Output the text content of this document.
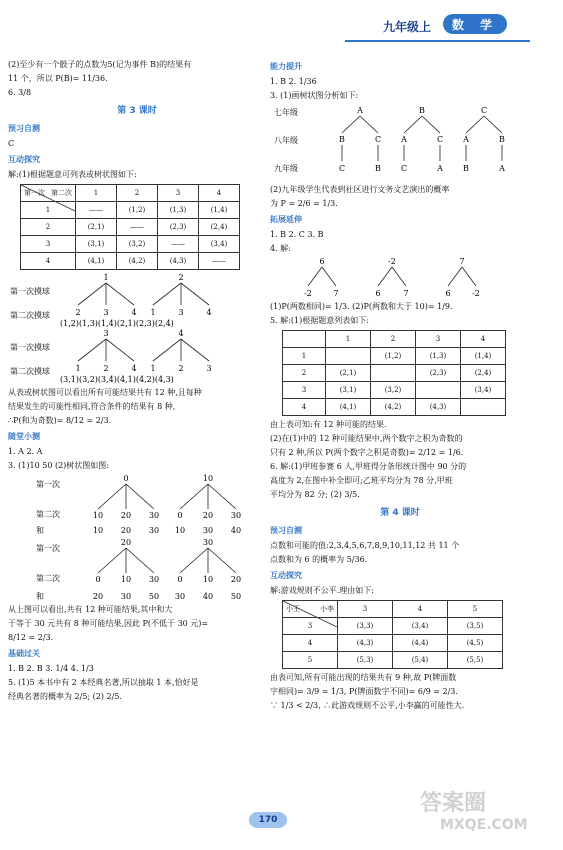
九年级上	数 学

(2)至少有一个骰子的点数为5(记为事件 B)的结果有

11 个，所以 P(B)= 11/36.

6. 3/8

第 3 课时
预习自测

C

互动探究

解:(1)根据题意可列表或树状图如下:

第二次
第一次	1	2	3	4
1	——	(1,2)	(1,3)	(1,4)
2	(2,1)	——	(2,3)	(2,4)
3	(3,1)	(3,2)	——	(3,4)
4	(4,1)	(4,2)	(4,3)	——
第一次摸球
第二次摸球
1	2
2	3	4 1	3	4
(1,2)(1,3)(1,4)(2,1)(2,3)(2,4)
第一次摸球
第二次摸球
3	4
1	2	4 1	2	3
(3,1)(3,2)(3,4)(4,1)(4,2)(4,3)

从表或树状图可以看出所有可能结果共有 12 种,且每种

结果发生的可能性相同,符合条件的结果有 8 种,

∴P(和为奇数)= 8/12 = 2/3.

随堂小测

1. A 2. A

3. (1)10 50 (2)树状图如图:

第一次
第二次
和
0	10
10 20 30 0	20 30
10 20 30 10 30 40
第一次
第二次
和
20	30
0	10 30 0	10 20
20 30 50 30 40 50

从上图可以看出,共有 12 种可能结果,其中和大

于等于 30 元共有 8 种可能结果,因此 P(不低于 30 元)=

8/12 = 2/3.

基础过关

1. B 2. B 3. 1/4 4. 1/3

5. (1)5 本书中有 2 本经典名著,所以抽取 1 本,恰好是

经典名著的概率为 2/5; (2) 2/5.

能力提升

1. B 2. 1/36

3. (1)画树状图分析如下:

七年级
八年级
九年级
A	B	C
B	C	A	C	A	B
C	B C	A	B	A

(2)九年级学生代表到社区进行文务文艺演出的概率

为 P = 2/6 = 1/3.

拓展延伸

1. B 2. C 3. B

4. 解:

6	-2	7
-2	7	6	7	6	-2

(1)P(两数相同)= 1/3. (2)P(两数和大于 10)= 1/9.

5. 解:(1)根据题意列表如下:

	1	2	3	4
1		(1,2)	(1,3)	(1,4)
2	(2,1)		(2,3)	(2,4)
3	(3,1)	(3,2)		(3,4)
4	(4,1)	(4,2)	(4,3)	

由上表可知:有 12 种可能的结果.

(2)在(1)中的 12 种可能结果中,两个数字之积为奇数的

只有 2 种,所以 P(两个数字之积是奇数)= 2/12 = 1/6.

6. 解:(1)甲班参赛 6 人,甲班得分条形统计图中 90 分的

高度为 2,在图中补全即可;乙班平均分为 78 分,甲班

平均分为 82 分; (2) 3/5.

第 4 课时
预习自测

点数和可能的值:2,3,4,5,6,7,8,9,10,11,12 共 11 个

点数和为 6 的概率为 5/36.

互动探究

解:游戏规则不公平.理由如下:

小李
小王	3	4	5
3	(3,3)	(3,4)	(3,5)
4	(4,3)	(4,4)	(4,5)
5	(5,3)	(5,4)	(5,5)

由表可知,所有可能出现的结果共有 9 种,故 P(牌面数

字相同)= 3/9 = 1/3, P(牌面数字不同)= 6/9 = 2/3.

∵ 1/3 < 2/3, ∴此游戏规则不公平,小李赢的可能性大.

170
答案圈
MXQE.COM
